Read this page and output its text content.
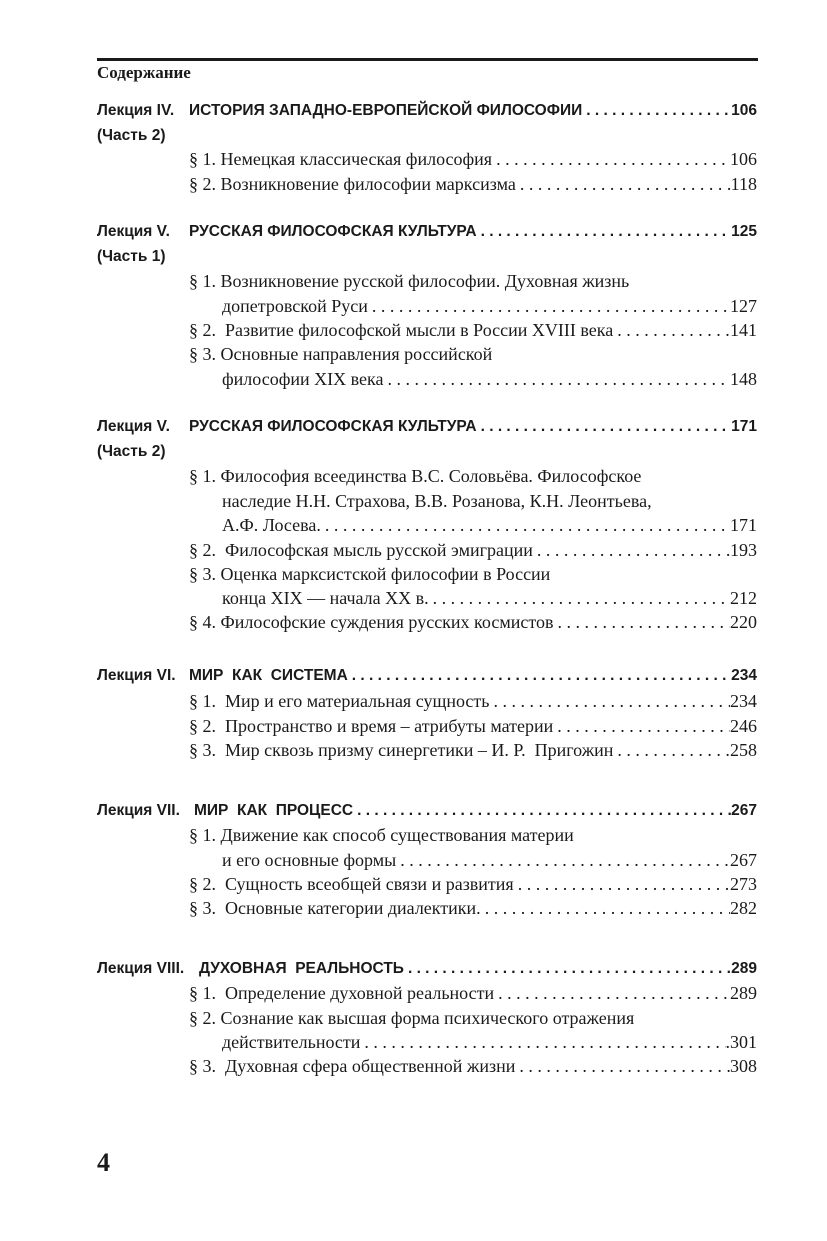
Содержание
Лекция IV. ИСТОРИЯ ЗАПАДНО-ЕВРОПЕЙСКОЙ ФИЛОСОФИИ . . .	106
(Часть 2)
§ 1. Немецкая классическая философия . . .	106
§ 2. Возникновение философии марксизма . . .	118
Лекция V. РУССКАЯ ФИЛОСОФСКАЯ КУЛЬТУРА . . .	125
(Часть 1)
§ 1. Возникновение русской философии. Духовная жизнь
допетровской Руси . . .	127
§ 2.  Развитие философской мысли в России XVIII века . . .	141
§ 3. Основные направления российской
философии XIX века . . .	148
Лекция V. РУССКАЯ ФИЛОСОФСКАЯ КУЛЬТУРА . . .	171
(Часть 2)
§ 1. Философия всеединства В.С. Соловьёва. Философское
наследие Н.Н. Страхова, В.В. Розанова, К.Н. Леонтьева,
А.Ф. Лосева. . . .	171
§ 2.  Философская мысль русской эмиграции . . .	193
§ 3. Оценка марксистской философии в России
конца XIX — начала XX в. . . .	212
§ 4. Философские суждения русских космистов . . .	220
Лекция VI. МИР  КАК  СИСТЕМА . . .	234
§ 1.  Мир и его материальная сущность . . .	234
§ 2.  Пространство и время – атрибуты материи . . .	246
§ 3.  Мир сквозь призму синергетики – И. Р.  Пригожин . . .	258
Лекция VII. МИР  КАК  ПРОЦЕСС . . .	267
§ 1. Движение как способ существования материи
и его основные формы . . .	267
§ 2.  Сущность всеобщей связи и развития . . .	273
§ 3.  Основные категории диалектики. . . .	282
Лекция VIII. ДУХОВНАЯ  РЕАЛЬНОСТЬ . . .	289
§ 1.  Определение духовной реальности . . .	289
§ 2. Сознание как высшая форма психического отражения
действительности . . .	.301
§ 3.  Духовная сфера общественной жизни . . .	308
4
